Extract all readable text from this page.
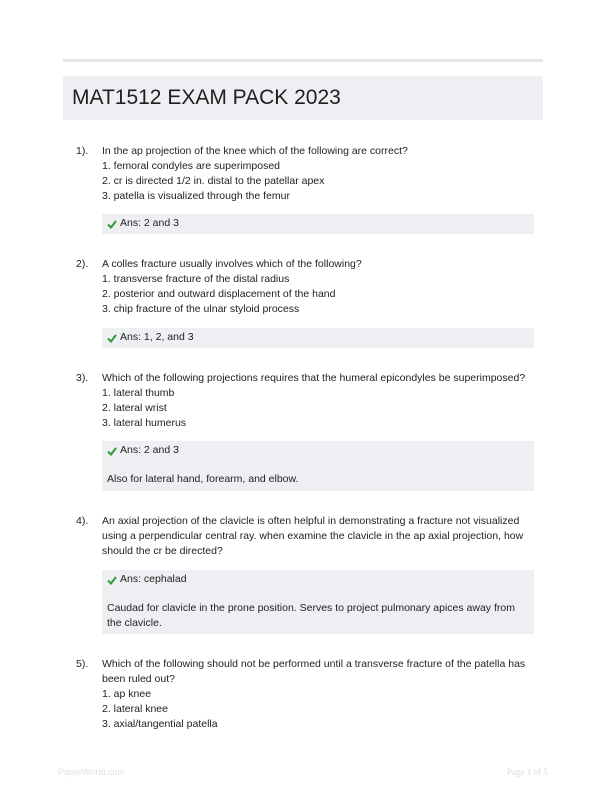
MAT1512 EXAM PACK 2023
1). In the ap projection of the knee which of the following are correct?
1. femoral condyles are superimposed
2. cr is directed 1/2 in. distal to the patellar apex
3. patella is visualized through the femur
Ans: 2 and 3
2). A colles fracture usually involves which of the following?
1. transverse fracture of the distal radius
2. posterior and outward displacement of the hand
3. chip fracture of the ulnar styloid process
Ans: 1, 2, and 3
3). Which of the following projections requires that the humeral epicondyles be superimposed?
1. lateral thumb
2. lateral wrist
3. lateral humerus
Ans: 2 and 3
Also for lateral hand, forearm, and elbow.
4). An axial projection of the clavicle is often helpful in demonstrating a fracture not visualized using a perpendicular central ray. when examine the clavicle in the ap axial projection, how should the cr be directed?
Ans: cephalad
Caudad for clavicle in the prone position. Serves to project pulmonary apices away from the clavicle.
5). Which of the following should not be performed until a transverse fracture of the patella has been ruled out?
1. ap knee
2. lateral knee
3. axial/tangential patella
PaperWorld.com	Page 1 of 5
